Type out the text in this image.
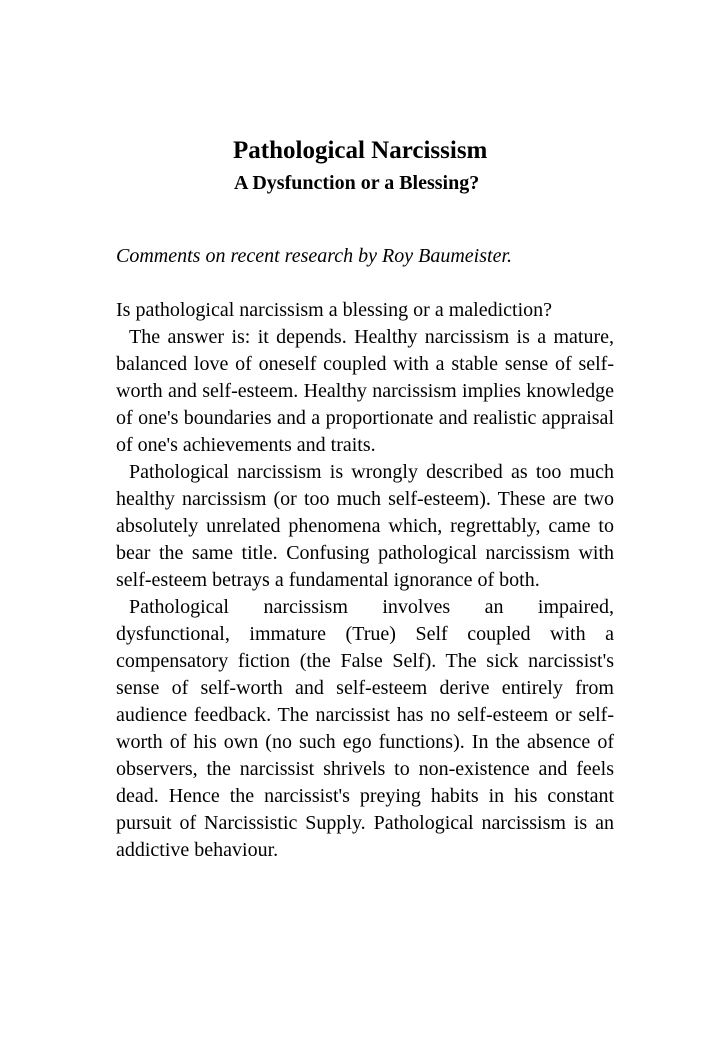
Pathological Narcissism
A Dysfunction or a Blessing?

Comments on recent research by Roy Baumeister.

Is pathological narcissism a blessing or a malediction?

The answer is: it depends. Healthy narcissism is a mature, balanced love of oneself coupled with a stable sense of self-worth and self-esteem. Healthy narcissism implies knowledge of one's boundaries and a proportionate and realistic appraisal of one's achievements and traits.

Pathological narcissism is wrongly described as too much healthy narcissism (or too much self-esteem). These are two absolutely unrelated phenomena which, regrettably, came to bear the same title. Confusing pathological narcissism with self-esteem betrays a fundamental ignorance of both.

Pathological narcissism involves an impaired, dysfunctional, immature (True) Self coupled with a compensatory fiction (the False Self). The sick narcissist's sense of self-worth and self-esteem derive entirely from audience feedback. The narcissist has no self-esteem or self-worth of his own (no such ego functions). In the absence of observers, the narcissist shrivels to non-existence and feels dead. Hence the narcissist's preying habits in his constant pursuit of Narcissistic Supply. Pathological narcissism is an addictive behaviour.
